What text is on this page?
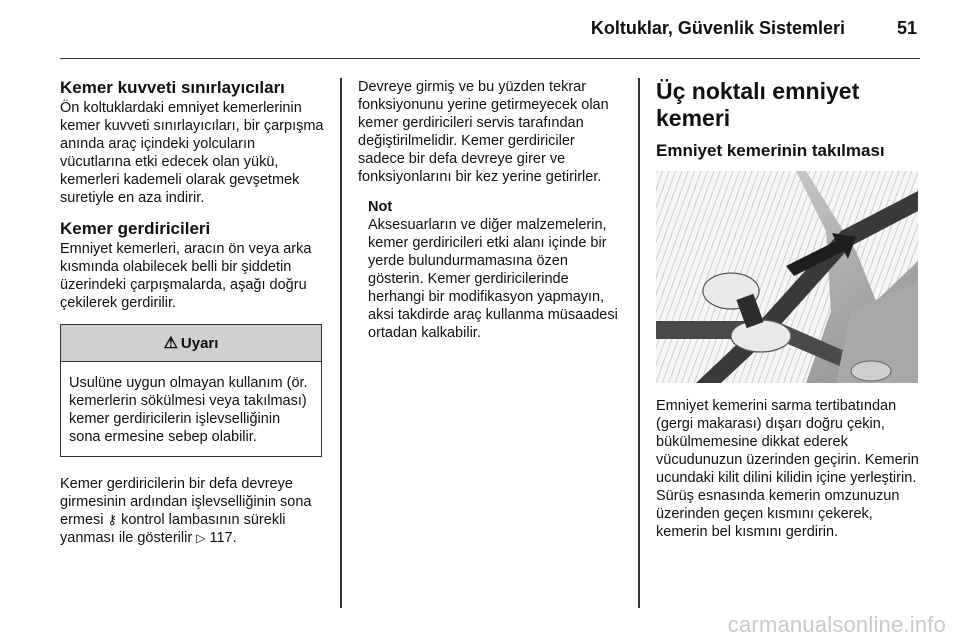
Koltuklar, Güvenlik Sistemleri	51
Kemer kuvveti sınırlayıcıları

Ön koltuklardaki emniyet kemerlerinin kemer kuvveti sınırlayıcıları, bir çarpışma anında araç içindeki yolcuların vücutlarına etki edecek olan yükü, kemerleri kademeli olarak gevşetmek suretiyle en aza indirir.

Kemer gerdiricileri

Emniyet kemerleri, aracın ön veya arka kısmında olabilecek belli bir şiddetin üzerindeki çarpışmalarda, aşağı doğru çekilerek gerdirilir.

⚠ Uyarı

Usulüne uygun olmayan kullanım (ör. kemerlerin sökülmesi veya takılması) kemer gerdiricilerin işlevselliğinin sona ermesine sebep olabilir.

Kemer gerdiricilerin bir defa devreye girmesinin ardından işlevselliğinin sona ermesi ⚷ kontrol lambasının sürekli yanması ile gösterilir ▷ 117.

Devreye girmiş ve bu yüzden tekrar fonksiyonunu yerine getirmeyecek olan kemer gerdiricileri servis tarafından değiştirilmelidir. Kemer gerdiriciler sadece bir defa devreye girer ve fonksiyonlarını bir kez yerine getirirler.

Not

Aksesuarların ve diğer malzemelerin, kemer gerdiricileri etki alanı içinde bir yerde bulundurmamasına özen gösterin. Kemer gerdiricilerinde herhangi bir modifikasyon yapmayın, aksi takdirde araç kullanma müsaadesi ortadan kalkabilir.

Üç noktalı emniyet kemeri
Emniyet kemerinin takılması

Emniyet kemerini sarma tertibatından (gergi makarası) dışarı doğru çekin, bükülmemesine dikkat ederek vücudunuzun üzerinden geçirin. Kemerin ucundaki kilit dilini kilidin içine yerleştirin. Sürüş esnasında kemerin omzunuzun üzerinden geçen kısmını çekerek, kemerin bel kısmını gerdirin.

carmanualsonline.info
